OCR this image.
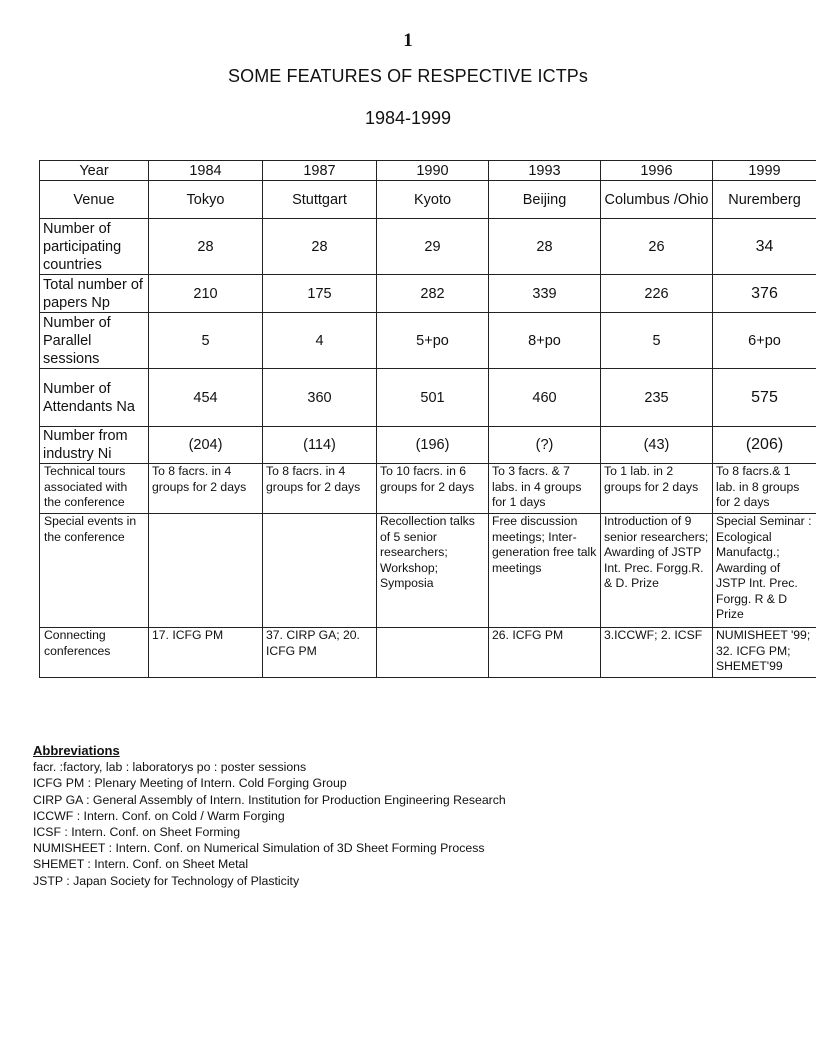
1
SOME FEATURES OF RESPECTIVE ICTPs
1984-1999
Year	1984	1987	1990	1993	1996	1999
Venue	Tokyo	Stuttgart	Kyoto	Beijing	Columbus /Ohio	Nuremberg
Number of participating countries	28	28	29	28	26	34
Total number of papers Np	210	175	282	339	226	376
Number of Parallel sessions	5	4	5+po	8+po	5	6+po
Number of Attendants Na	454	360	501	460	235	575
Number from industry Ni	(204)	(114)	(196)	(?)	(43)	(206)
Technical tours associated with the conference	To 8 facrs. in 4 groups for 2 days	To 8 facrs. in 4 groups for 2 days	To 10 facrs. in 6 groups for 2 days	To 3 facrs. & 7 labs. in 4 groups for 1 days	To 1 lab. in 2 groups for 2 days	To 8 facrs.& 1 lab. in 8 groups for 2 days
Special events in the conference			Recollection talks of 5 senior researchers; Workshop; Symposia	Free discussion meetings; Inter-generation free talk meetings	Introduction of 9 senior researchers; Awarding of JSTP Int. Prec. Forgg.R. & D. Prize	Special Seminar : Ecological Manufactg.; Awarding of JSTP Int. Prec. Forgg. R & D Prize
Connecting conferences	17. ICFG PM	37. CIRP GA; 20. ICFG PM		26. ICFG PM	3.ICCWF; 2. ICSF	NUMISHEET '99; 32. ICFG PM; SHEMET'99
Abbreviations
facr. :factory, lab : laboratorys po : poster sessions
ICFG PM : Plenary Meeting of Intern. Cold Forging Group
CIRP GA : General Assembly of Intern. Institution for Production Engineering Research
ICCWF : Intern. Conf. on Cold / Warm Forging
ICSF : Intern. Conf. on Sheet Forming
NUMISHEET : Intern. Conf. on Numerical Simulation of 3D Sheet Forming Process
SHEMET : Intern. Conf. on Sheet Metal
JSTP : Japan Society for Technology of Plasticity
